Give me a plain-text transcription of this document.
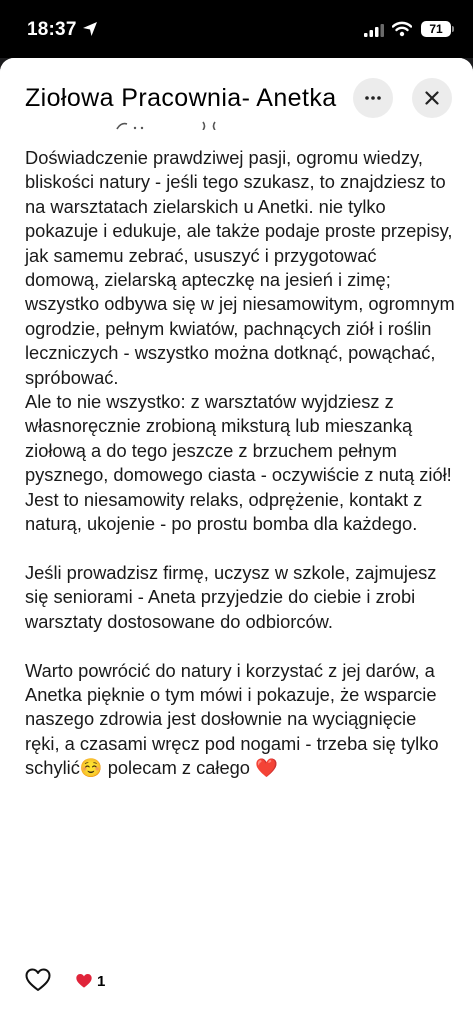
18:37	71
Ziołowa Pracownia- Anetka

Doświadczenie prawdziwej pasji, ogromu wiedzy, bliskości natury - jeśli tego szukasz, to znajdziesz to na warsztatach zielarskich u Anetki. nie tylko pokazuje i edukuje, ale także podaje proste przepisy, jak samemu zebrać, ususzyć i przygotować domową, zielarską apteczkę na jesień i zimę;  wszystko odbywa się w jej niesamowitym, ogromnym ogrodzie, pełnym kwiatów, pachnących ziół i roślin leczniczych - wszystko można dotknąć, powąchać, spróbować.
Ale to nie wszystko: z warsztatów wyjdziesz z własnoręcznie zrobioną miksturą lub mieszanką ziołową a do tego jeszcze z brzuchem pełnym pysznego, domowego ciasta - oczywiście z nutą ziół! Jest to niesamowity relaks, odprężenie, kontakt z naturą, ukojenie - po prostu bomba dla każdego.

Jeśli prowadzisz firmę, uczysz w szkole, zajmujesz się seniorami - Aneta przyjedzie do ciebie i zrobi warsztaty dostosowane do odbiorców.

Warto powrócić do natury i korzystać z jej darów, a Anetka pięknie o tym mówi i pokazuje, że wsparcie naszego zdrowia jest dosłownie na wyciągnięcie ręki, a czasami wręcz pod nogami - trzeba się tylko schylić☺️ polecam z całego ❤️

1
